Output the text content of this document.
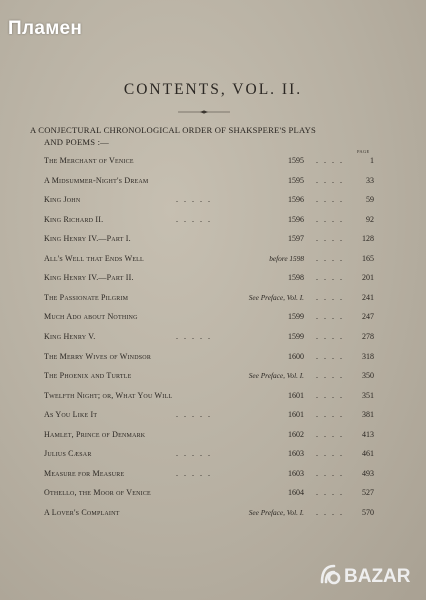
Пламен
CONTENTS, VOL. II.
A CONJECTURAL CHRONOLOGICAL ORDER OF SHAKSPERE'S PLAYS
AND POEMS :—
PAGE
The Merchant of Venice	1595 . . . .	1
A Midsummer-Night's Dream	1595 . . . .	33
King John	. . . . .	1596 . . . .	59
King Richard II.	. . . . .	1596 . . . .	92
King Henry IV.—Part I.	1597 . . . .	128
All's Well that Ends Well	before 1598 . . . .	165
King Henry IV.—Part II.	1598 . . . .	201
The Passionate Pilgrim	See Preface, Vol. I. . . . .	241
Much Ado about Nothing	1599 . . . .	247
King Henry V.	. . . . .	1599 . . . .	278
The Merry Wives of Windsor	1600 . . . .	318
The Phoenix and Turtle	See Preface, Vol. I. . . . .	350
Twelfth Night; or, What You Will	1601 . . . .	351
As You Like It	. . . . .	1601 . . . .	381
Hamlet, Prince of Denmark	1602 . . . .	413
Julius Cæsar	. . . . .	1603 . . . .	461
Measure for Measure	. . . . .	1603 . . . .	493
Othello, the Moor of Venice	1604 . . . .	527
A Lover's Complaint	See Preface, Vol. I. . . . .	570
BAZAR
